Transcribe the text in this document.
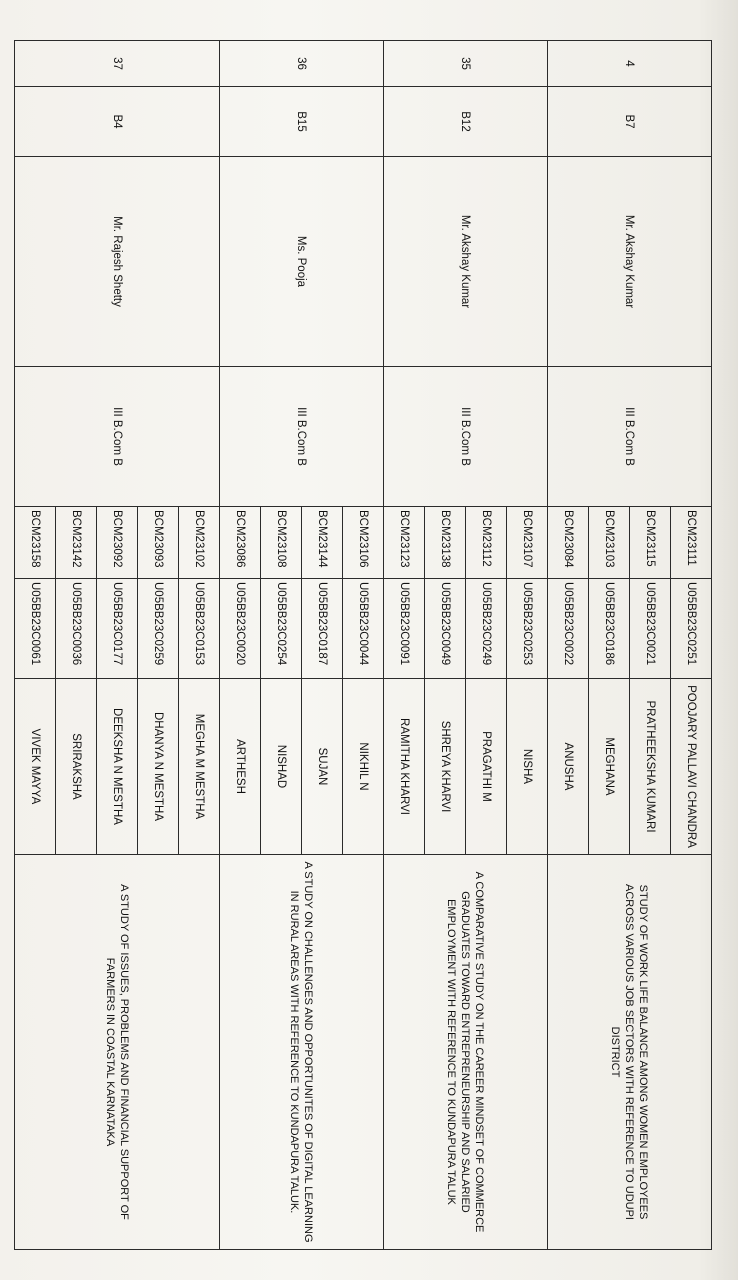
4	B7	Mr. Akshay Kumar	III B.Com B	BCM23111	U05BB23C0251	POOJARY PALLAVI CHANDRA	STUDY OF WORK LIFE BALANCE AMONG WOMEN EMPLOYEES ACROSS VARIOUS JOB SECTORS WITH REFERENCE TO UDUPI DISTRICT
				BCM23115	U05BB23C0021	PRATHEEKSHA KUMARI	
				BCM23103	U05BB23C0186	MEGHANA	
				BCM23084	U05BB23C0022	ANUSHA	
35	B12	Mr. Akshay Kumar	III B.Com B	BCM23107	U05BB23C0253	NISHA	A COMPARATIVE STUDY ON THE CAREER MINDSET OF COMMERCE GRADUATES TOWARD ENTREPRENEURSHIP AND SALARIED EMPLOYMENT WITH REFERENCE TO KUNDAPURA TALUK
				BCM23112	U05BB23C0249	PRAGATHI M	
				BCM23138	U05BB23C0049	SHREYA KHARVI	
				BCM23123	U05BB23C0091	RAMITHA KHARVI	
36	B15	Ms. Pooja	III B.Com B	BCM23106	U05BB23C0044	NIKHIL N	A STUDY ON CHALLENGES AND OPPORTUNITES OF DIGITAL LEARNING IN RURAL AREAS WITH REFERENCE TO KUNDAPURA TALUK.
				BCM23144	U05BB23C0187	SUJAN	
				BCM23108	U05BB23C0254	NISHAD	
				BCM23086	U05BB23C0020	ARTHESH	
37	B4	Mr. Rajesh Shetty	III B.Com B	BCM23102	U05BB23C0153	MEGHA M MESTHA	A STUDY OF ISSUES, PROBLEMS AND FINANCIAL SUPPORT OF FARMERS IN COASTAL KARNATAKA
				BCM23093	U05BB23C0259	DHANYA N MESTHA	
				BCM23092	U05BB23C0177	DEEKSHA N MESTHA	
				BCM23142	U05BB23C0036	SRIRAKSHA	
				BCM23158	U05BB23C0061	VIVEK MAYYA	
